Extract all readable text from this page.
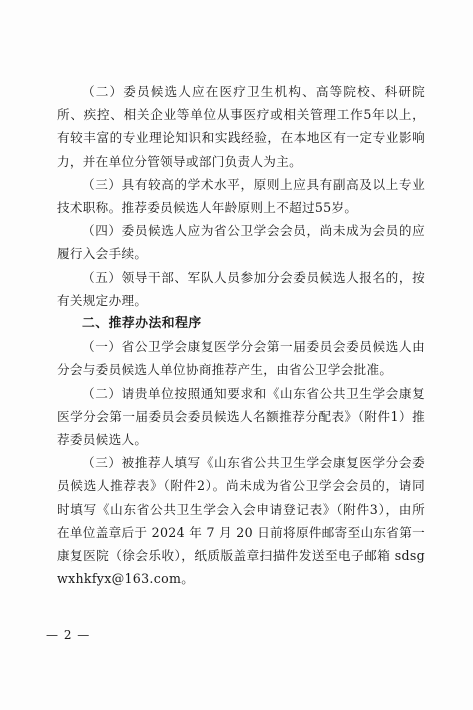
（二）委员候选人应在医疗卫生机构、高等院校、科研院所、疾控、相关企业等单位从事医疗或相关管理工作5年以上，有较丰富的专业理论知识和实践经验，在本地区有一定专业影响力，并在单位分管领导或部门负责人为主。

（三）具有较高的学术水平，原则上应具有副高及以上专业技术职称。推荐委员候选人年龄原则上不超过55岁。

（四）委员候选人应为省公卫学会会员，尚未成为会员的应履行入会手续。

（五）领导干部、军队人员参加分会委员候选人报名的，按有关规定办理。

二、推荐办法和程序

（一）省公卫学会康复医学分会第一届委员会委员候选人由分会与委员候选人单位协商推荐产生，由省公卫学会批准。

（二）请贵单位按照通知要求和《山东省公共卫生学会康复医学分会第一届委员会委员候选人名额推荐分配表》（附件1）推荐委员候选人。

（三）被推荐人填写《山东省公共卫生学会康复医学分会委员候选人推荐表》（附件2）。尚未成为省公卫学会会员的，请同时填写《山东省公共卫生学会入会申请登记表》（附件3），由所在单位盖章后于 2024 年 7 月 20 日前将原件邮寄至山东省第一康复医院（徐会乐收），纸质版盖章扫描件发送至电子邮箱 sdsgwxhkfyx@163.com。

— 2 —
